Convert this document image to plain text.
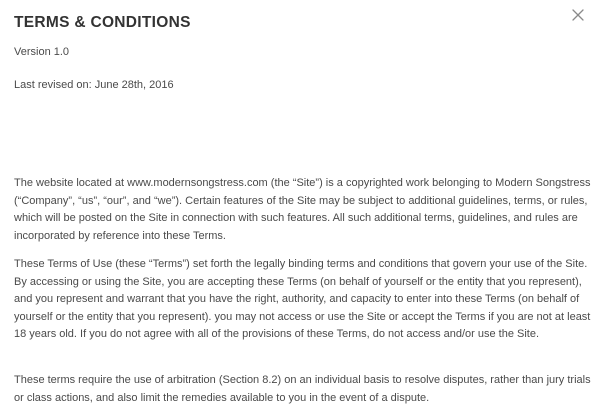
TERMS & CONDITIONS

Version 1.0

Last revised on: June 28th, 2016

The website located at www.modernsongstress.com (the “Site”) is a copyrighted work belonging to Modern Songstress (“Company”, “us”, “our”, and “we”). Certain features of the Site may be subject to additional guidelines, terms, or rules, which will be posted on the Site in connection with such features. All such additional terms, guidelines, and rules are incorporated by reference into these Terms.

These Terms of Use (these “Terms”) set forth the legally binding terms and conditions that govern your use of the Site. By accessing or using the Site, you are accepting these Terms (on behalf of yourself or the entity that you represent), and you represent and warrant that you have the right, authority, and capacity to enter into these Terms (on behalf of yourself or the entity that you represent). you may not access or use the Site or accept the Terms if you are not at least 18 years old. If you do not agree with all of the provisions of these Terms, do not access and/or use the Site.

These terms require the use of arbitration (Section 8.2) on an individual basis to resolve disputes, rather than jury trials or class actions, and also limit the remedies available to you in the event of a dispute.
